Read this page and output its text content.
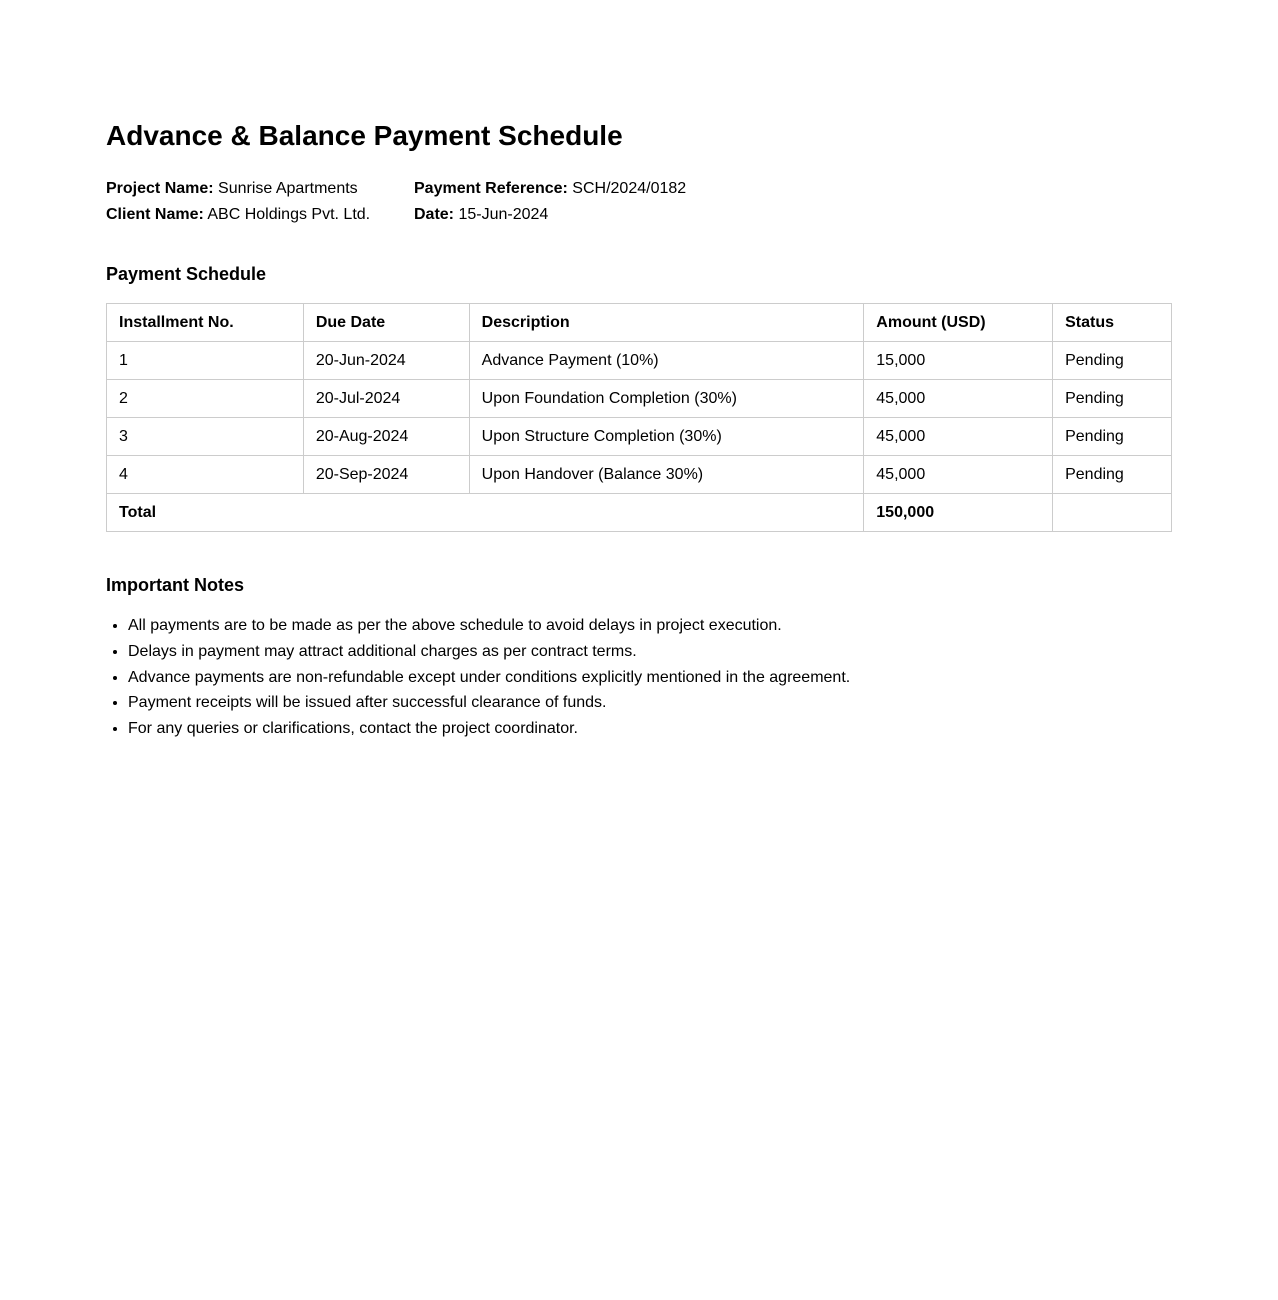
Advance & Balance Payment Schedule
Project Name: Sunrise Apartments
Client Name: ABC Holdings Pvt. Ltd.
Payment Reference: SCH/2024/0182
Date: 15-Jun-2024
Payment Schedule
Installment No.	Due Date	Description	Amount (USD)	Status
1	20-Jun-2024	Advance Payment (10%)	15,000	Pending
2	20-Jul-2024	Upon Foundation Completion (30%)	45,000	Pending
3	20-Aug-2024	Upon Structure Completion (30%)	45,000	Pending
4	20-Sep-2024	Upon Handover (Balance 30%)	45,000	Pending
Total			150,000	
Important Notes
• All payments are to be made as per the above schedule to avoid delays in project execution.
• Delays in payment may attract additional charges as per contract terms.
• Advance payments are non-refundable except under conditions explicitly mentioned in the agreement.
• Payment receipts will be issued after successful clearance of funds.
• For any queries or clarifications, contact the project coordinator.
